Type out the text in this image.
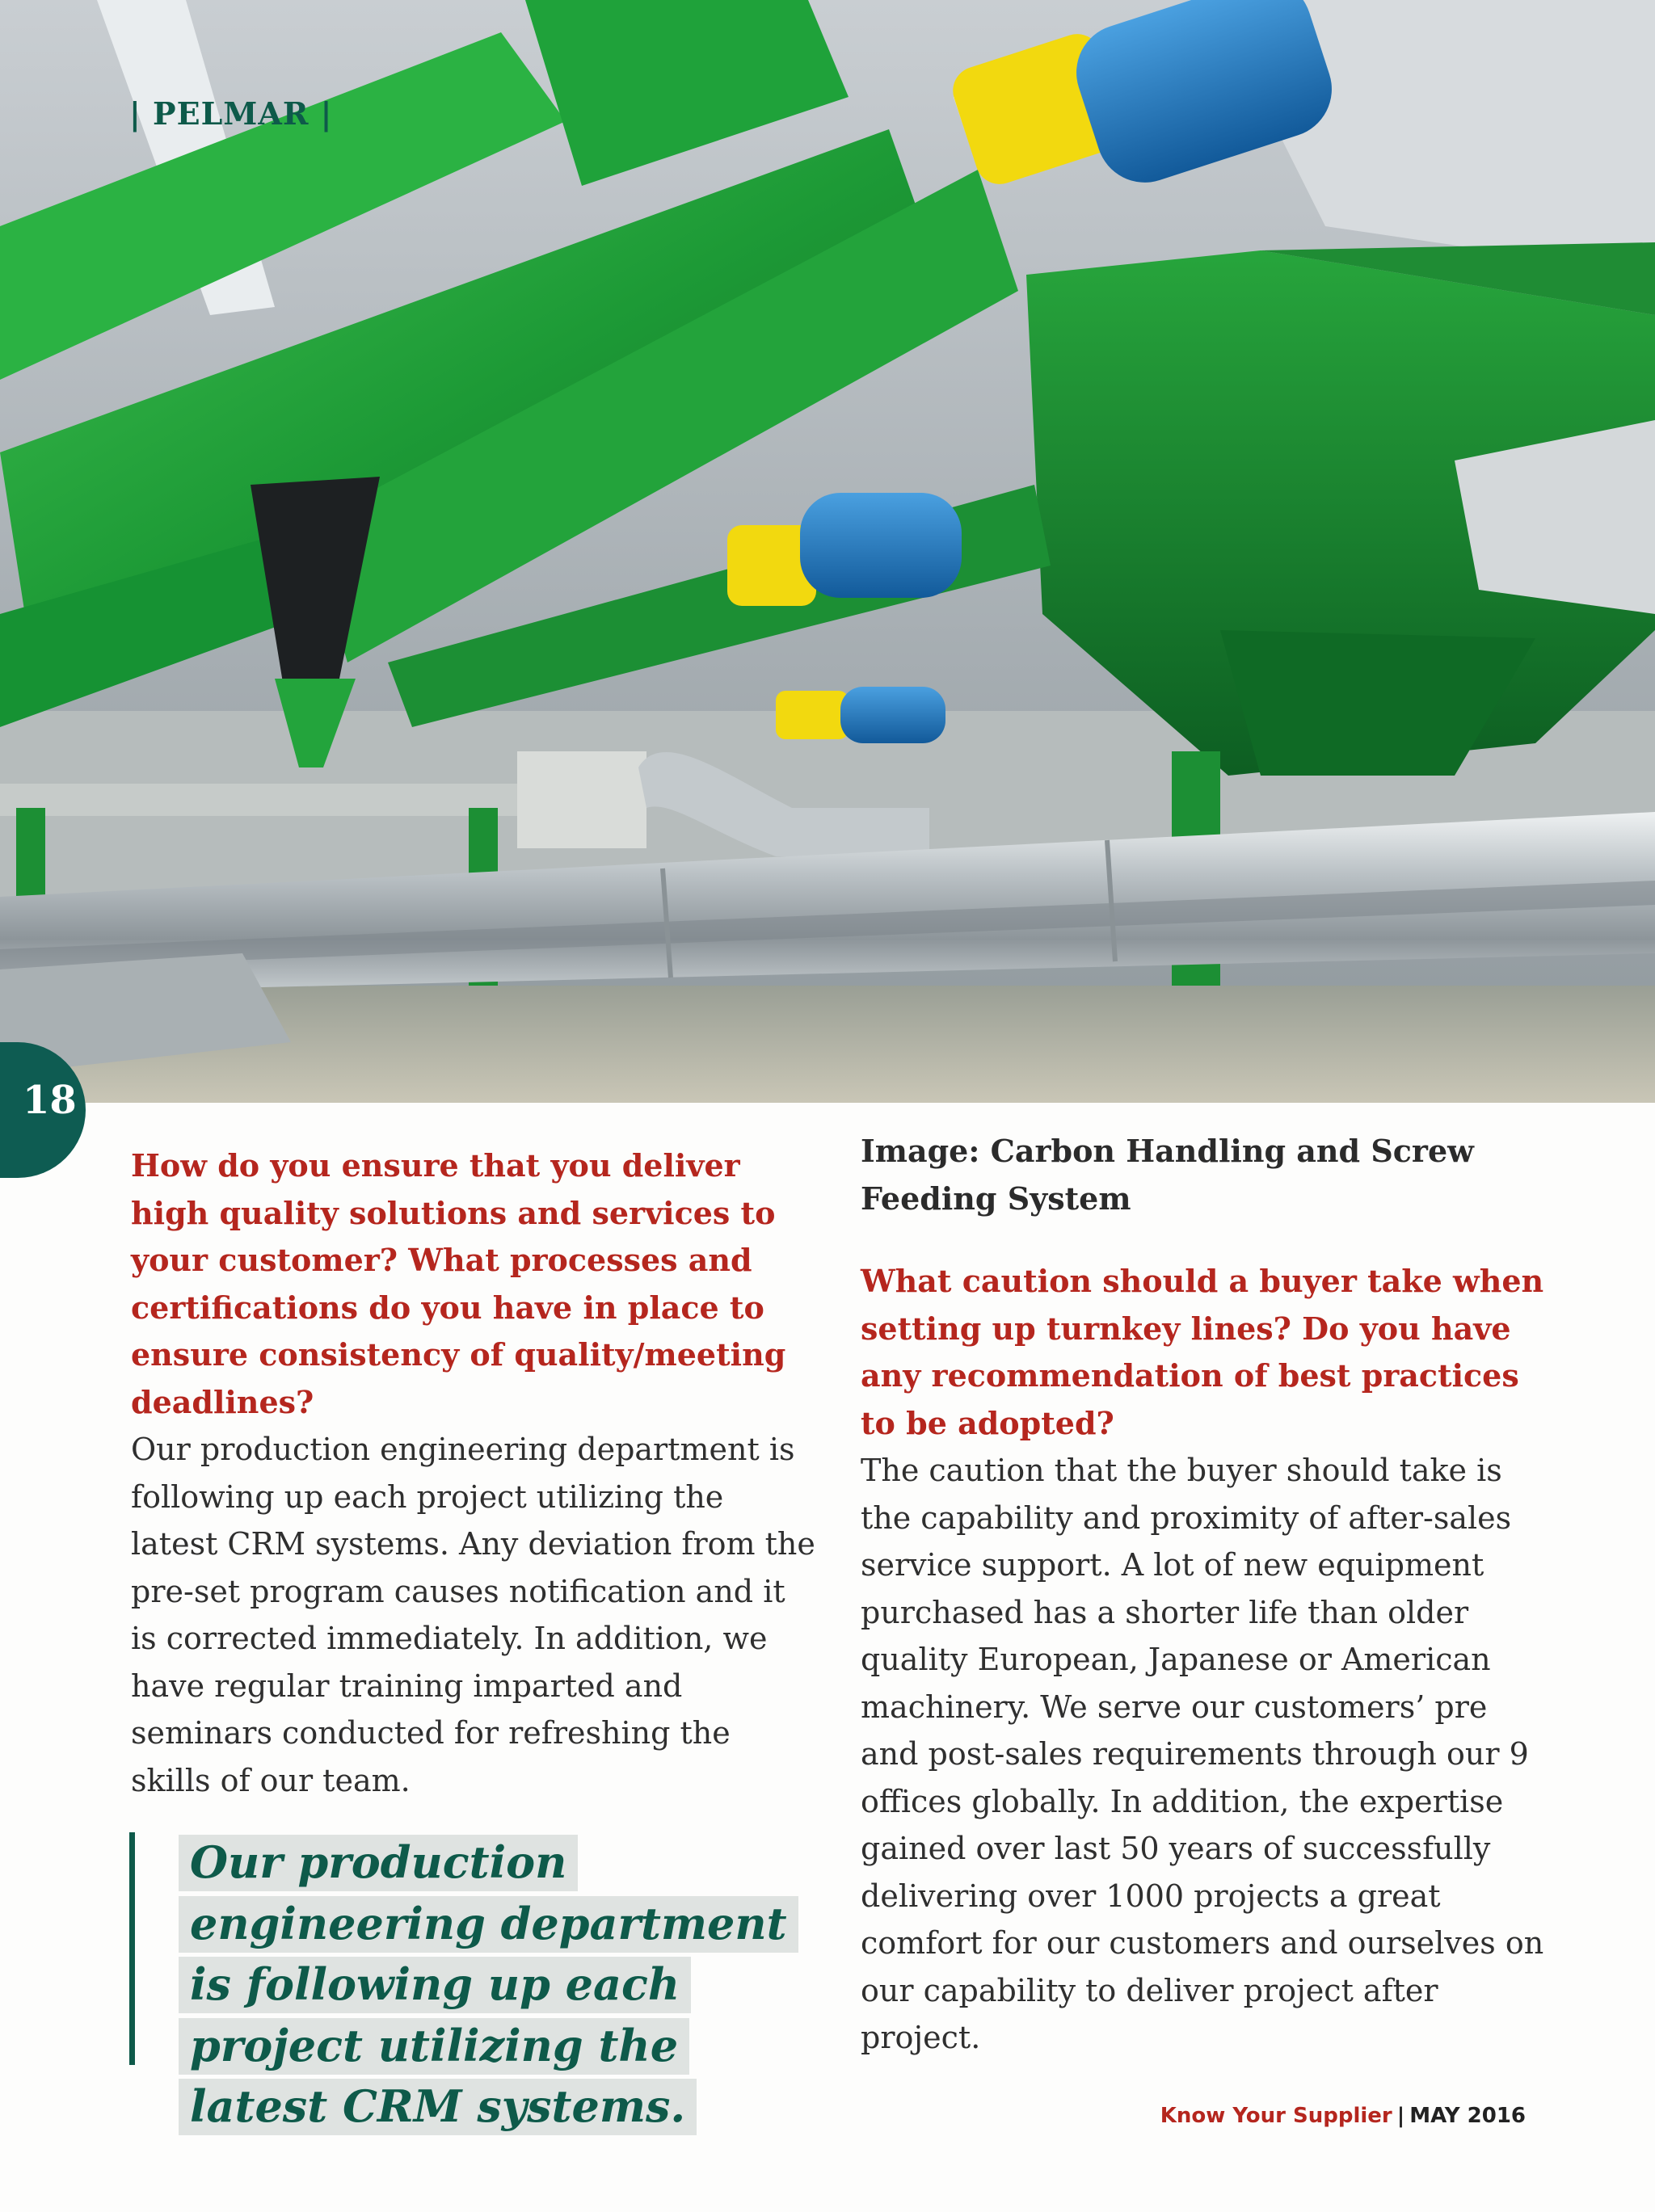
| PELMAR |
18

How do you ensure that you deliver high quality solutions and services to your customer? What processes and certifications do you have in place to ensure consistency of quality/meeting deadlines?

Our production engineering department is following up each project utilizing the latest CRM systems. Any deviation from the pre-set program causes notification and it is corrected immediately. In addition, we have regular training imparted and seminars conducted for refreshing the skills of our team.

Our production engineering department is following up each project utilizing the latest CRM systems.

Image: Carbon Handling and Screw Feeding System

What caution should a buyer take when setting up turnkey lines? Do you have any recommendation of best practices to be adopted?

The caution that the buyer should take is the capability and proximity of after-sales service support. A lot of new equipment purchased has a shorter life than older quality European, Japanese or American machinery. We serve our customers’ pre and post-sales requirements through our 9 offices globally. In addition, the expertise gained over last 50 years of successfully delivering over 1000 projects a great comfort for our customers and ourselves on our capability to deliver project after project.

Know Your Supplier | MAY 2016
